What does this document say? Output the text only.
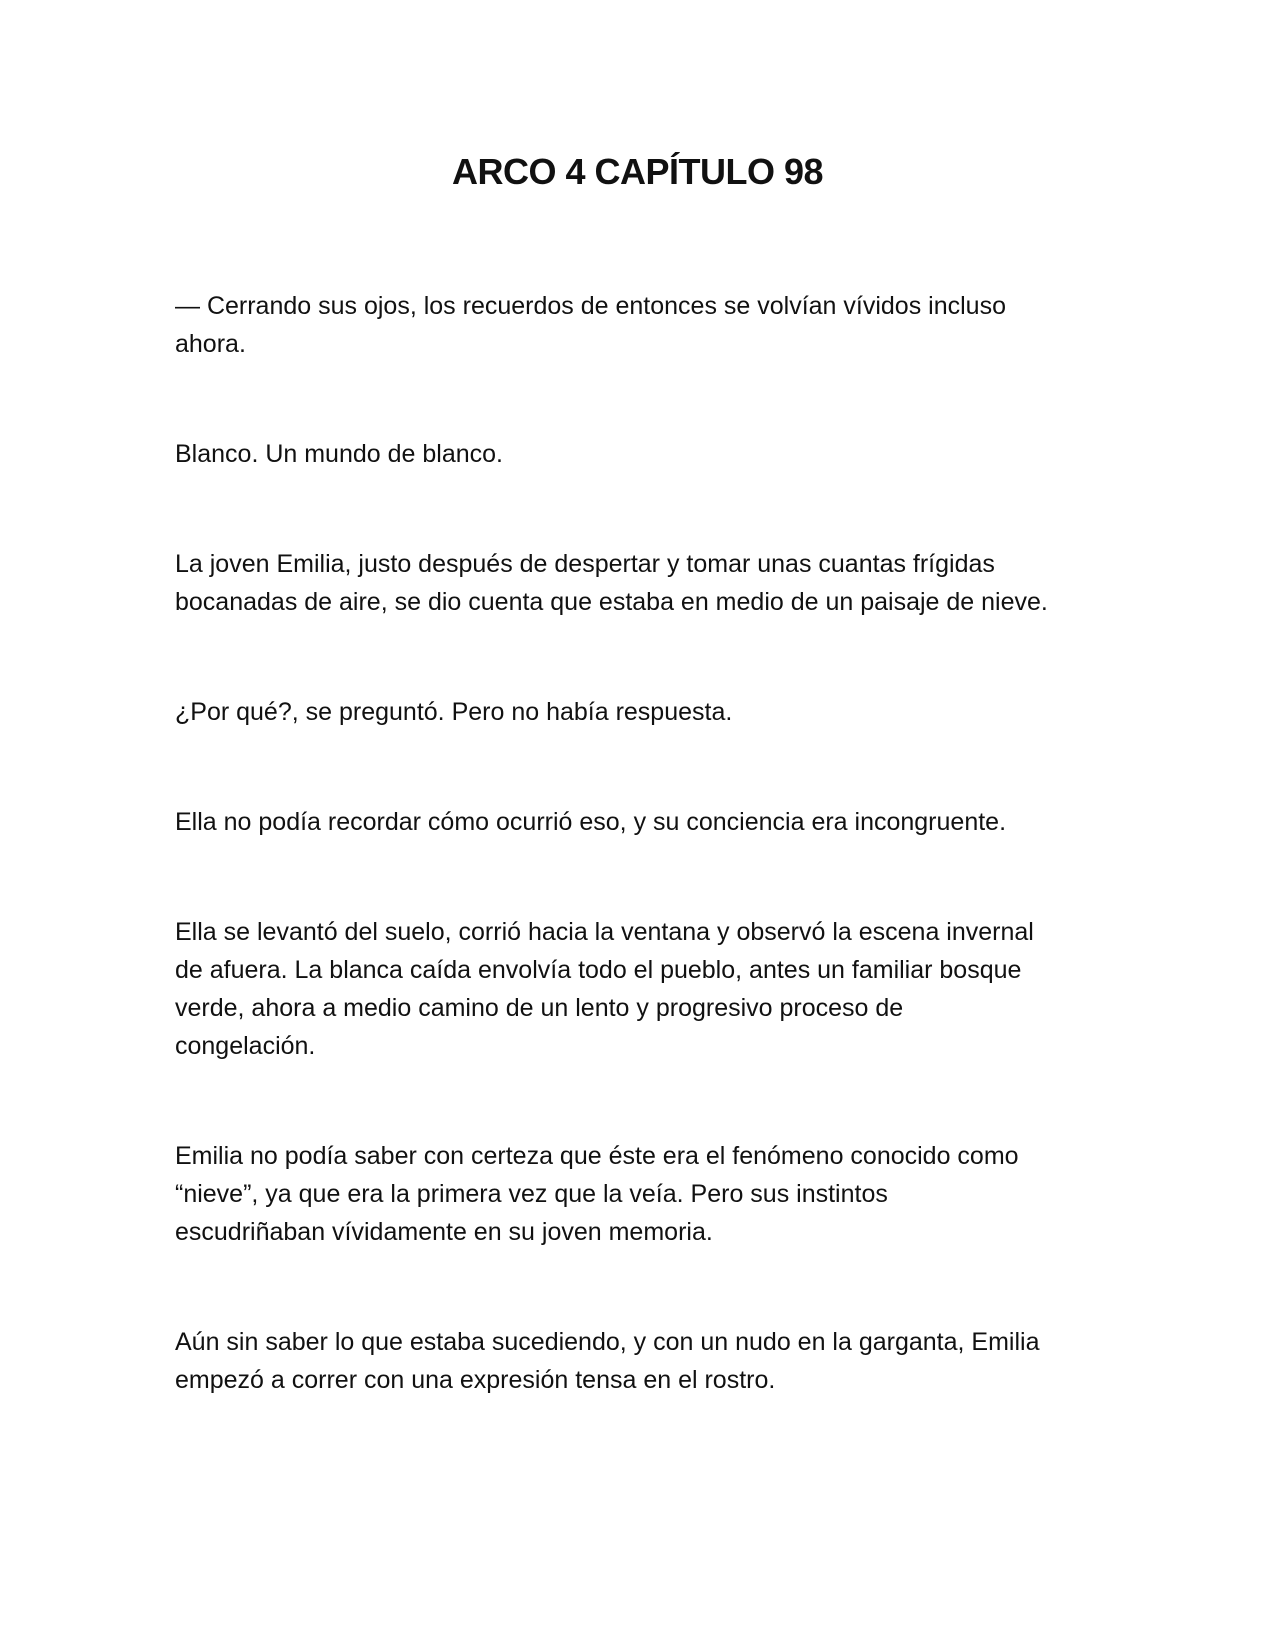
ARCO 4 CAPÍTULO 98

— Cerrando sus ojos, los recuerdos de entonces se volvían vívidos incluso
ahora.

Blanco. Un mundo de blanco.

La joven Emilia, justo después de despertar y tomar unas cuantas frígidas
bocanadas de aire, se dio cuenta que estaba en medio de un paisaje de nieve.

¿Por qué?, se preguntó. Pero no había respuesta.

Ella no podía recordar cómo ocurrió eso, y su conciencia era incongruente.

Ella se levantó del suelo, corrió hacia la ventana y observó la escena invernal
de afuera. La blanca caída envolvía todo el pueblo, antes un familiar bosque
verde, ahora a medio camino de un lento y progresivo proceso de
congelación.

Emilia no podía saber con certeza que éste era el fenómeno conocido como
“nieve”, ya que era la primera vez que la veía. Pero sus instintos
escudriñaban vívidamente en su joven memoria.

Aún sin saber lo que estaba sucediendo, y con un nudo en la garganta, Emilia
empezó a correr con una expresión tensa en el rostro.
